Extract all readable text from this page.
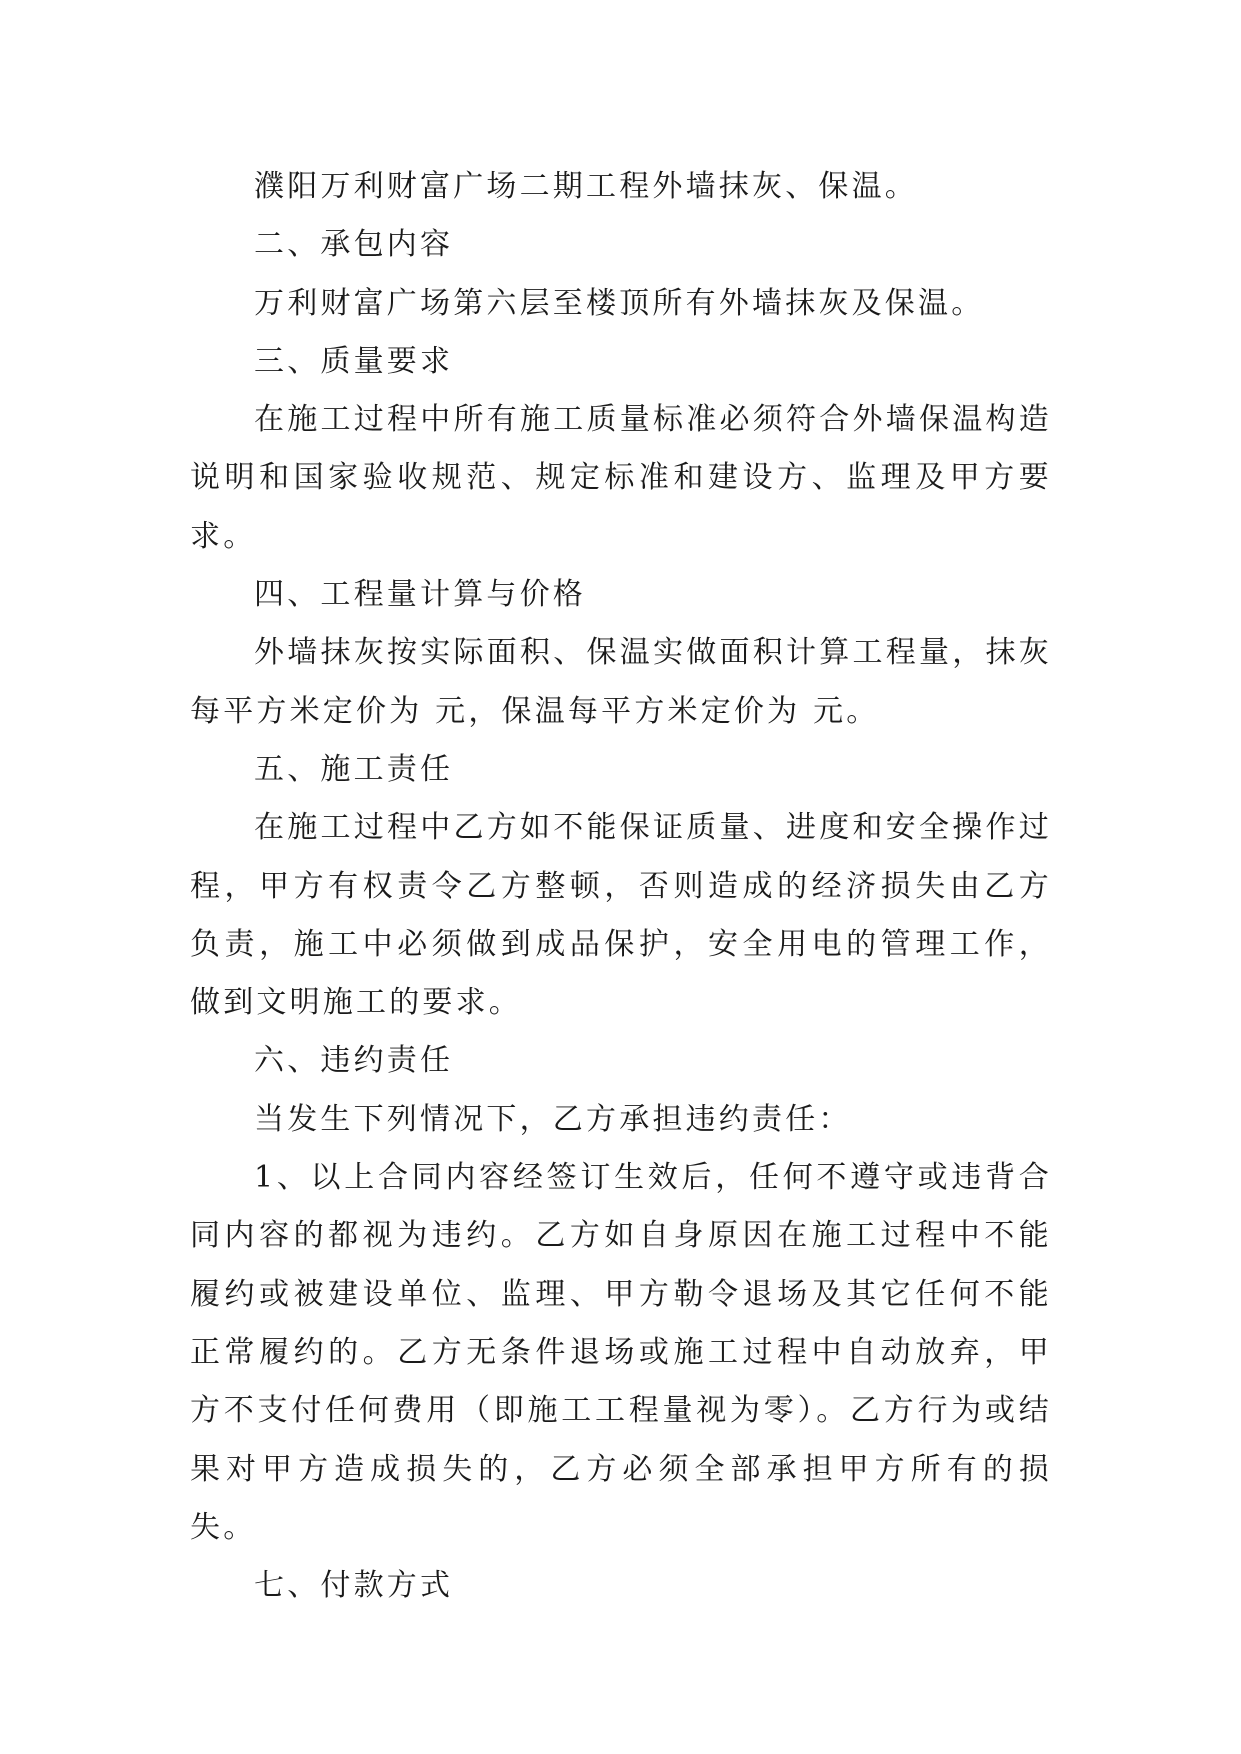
濮阳万利财富广场二期工程外墙抹灰、保温。

二、承包内容

万利财富广场第六层至楼顶所有外墙抹灰及保温。

三、质量要求

在施工过程中所有施工质量标准必须符合外墙保温构造说明和国家验收规范、规定标准和建设方、监理及甲方要求。

四、工程量计算与价格

外墙抹灰按实际面积、保温实做面积计算工程量，抹灰每平方米定价为 元，保温每平方米定价为 元。

五、施工责任

在施工过程中乙方如不能保证质量、进度和安全操作过程，甲方有权责令乙方整顿，否则造成的经济损失由乙方负责，施工中必须做到成品保护，安全用电的管理工作，做到文明施工的要求。

六、违约责任

当发生下列情况下，乙方承担违约责任：

1、以上合同内容经签订生效后，任何不遵守或违背合同内容的都视为违约。乙方如自身原因在施工过程中不能履约或被建设单位、监理、甲方勒令退场及其它任何不能正常履约的。乙方无条件退场或施工过程中自动放弃，甲方不支付任何费用（即施工工程量视为零）。乙方行为或结果对甲方造成损失的，乙方必须全部承担甲方所有的损失。

七、付款方式
